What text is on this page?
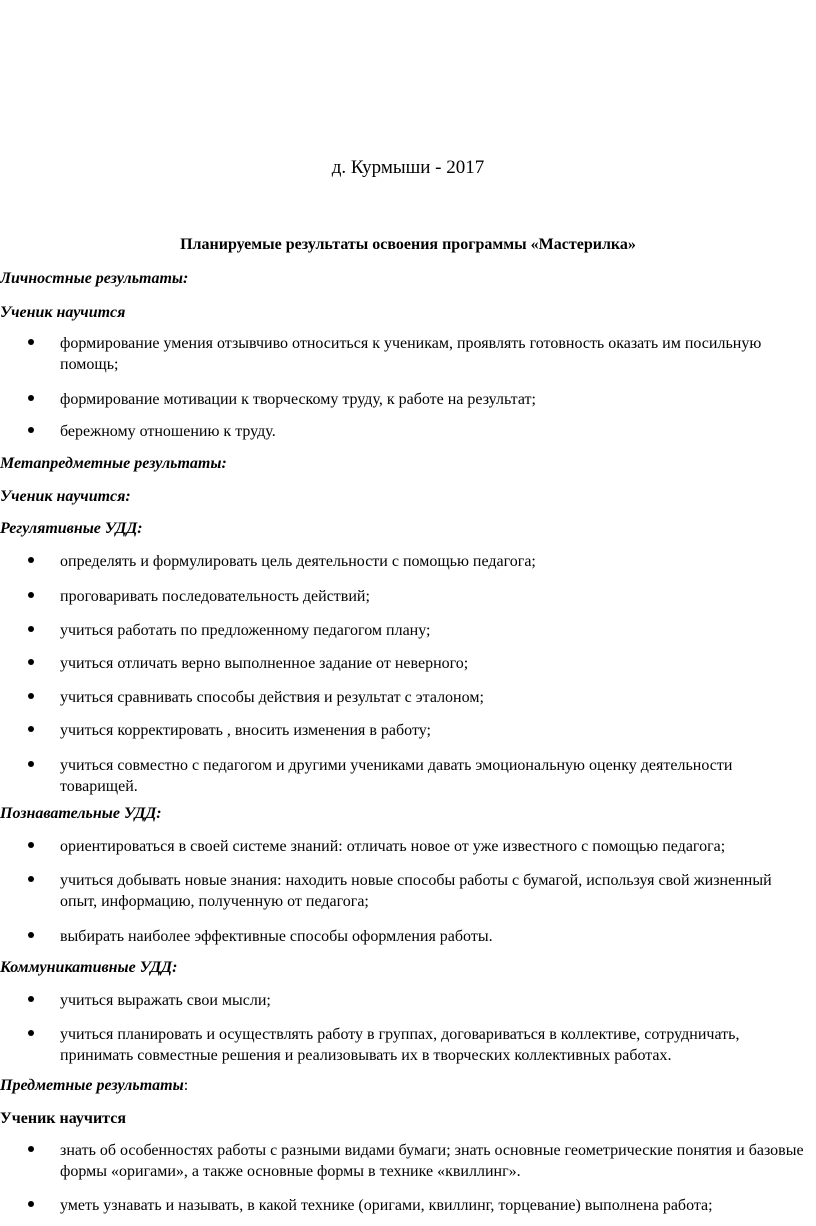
д. Курмыши - 2017
Планируемые результаты освоения программы «Мастерилка»
Личностные результаты:
Ученик научится
формирование умения отзывчиво относиться к ученикам, проявлять готовность оказать им посильную помощь;
формирование мотивации к творческому труду, к работе на результат;
бережному отношению к труду.
Метапредметные результаты:
Ученик научится:
Регулятивные УДД:
определять и формулировать цель деятельности с помощью педагога;
проговаривать последовательность действий;
учиться работать по предложенному педагогом плану;
учиться отличать верно выполненное задание от неверного;
учиться сравнивать способы действия и результат с эталоном;
учиться корректировать , вносить изменения в работу;
учиться совместно с педагогом и другими учениками давать эмоциональную оценку деятельности товарищей.
Познавательные УДД:
ориентироваться в своей системе знаний: отличать новое от уже известного с помощью педагога;
учиться добывать новые знания: находить новые способы работы с бумагой, используя свой жизненный опыт, информацию, полученную от педагога;
выбирать наиболее эффективные способы оформления работы.
Коммуникативные УДД:
учиться выражать свои мысли;
учиться планировать и осуществлять работу в группах, договариваться в коллективе, сотрудничать, принимать совместные решения и реализовывать их в творческих коллективных работах.
Предметные результаты:
Ученик научится
знать об особенностях работы с разными видами бумаги; знать основные геометрические понятия и базовые формы «оригами», а также основные формы в технике «квиллинг».
уметь узнавать и называть, в какой технике (оригами, квиллинг, торцевание) выполнена работа;
